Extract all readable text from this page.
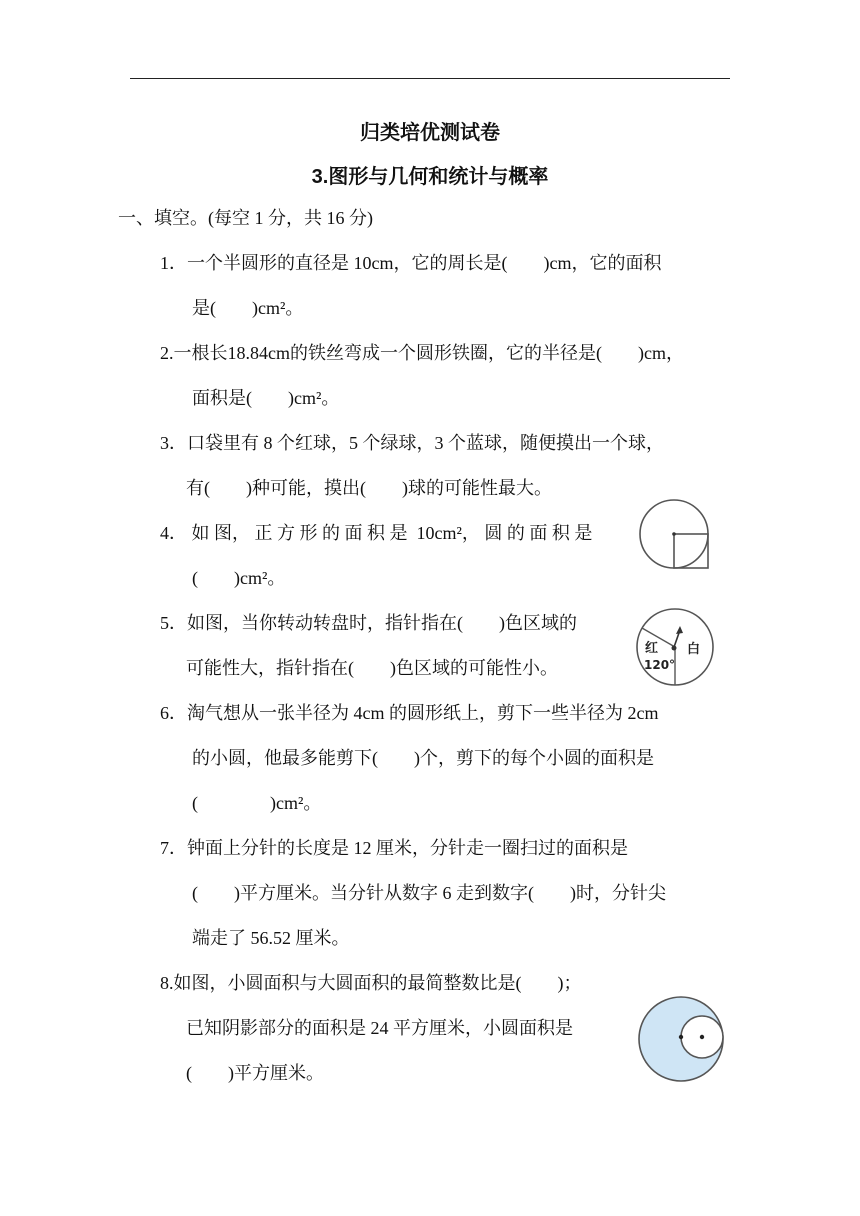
归类培优测试卷
3.图形与几何和统计与概率
一、填空。(每空 1 分，共 16 分)
1．一个半圆形的直径是 10cm，它的周长是(        )cm，它的面积
是(        )cm²。
2.一根长18.84cm的铁丝弯成一个圆形铁圈，它的半径是(        )cm，
面积是(        )cm²。
3．口袋里有 8 个红球，5 个绿球，3 个蓝球，随便摸出一个球，
有(        )种可能，摸出(        )球的可能性最大。
4． 如 图， 正 方 形 的 面 积 是  10cm²， 圆 的 面 积 是
(        )cm²。
5．如图，当你转动转盘时，指针指在(        )色区域的
可能性大，指针指在(        )色区域的可能性小。
红 白
120°
6．淘气想从一张半径为 4cm 的圆形纸上，剪下一些半径为 2cm
的小圆，他最多能剪下(        )个，剪下的每个小圆的面积是
(                )cm²。
7．钟面上分针的长度是 12 厘米，分针走一圈扫过的面积是
(        )平方厘米。当分针从数字 6 走到数字(        )时，分针尖
端走了 56.52 厘米。
8.如图，小圆面积与大圆面积的最简整数比是(        )；
已知阴影部分的面积是 24 平方厘米，小圆面积是
(        )平方厘米。
